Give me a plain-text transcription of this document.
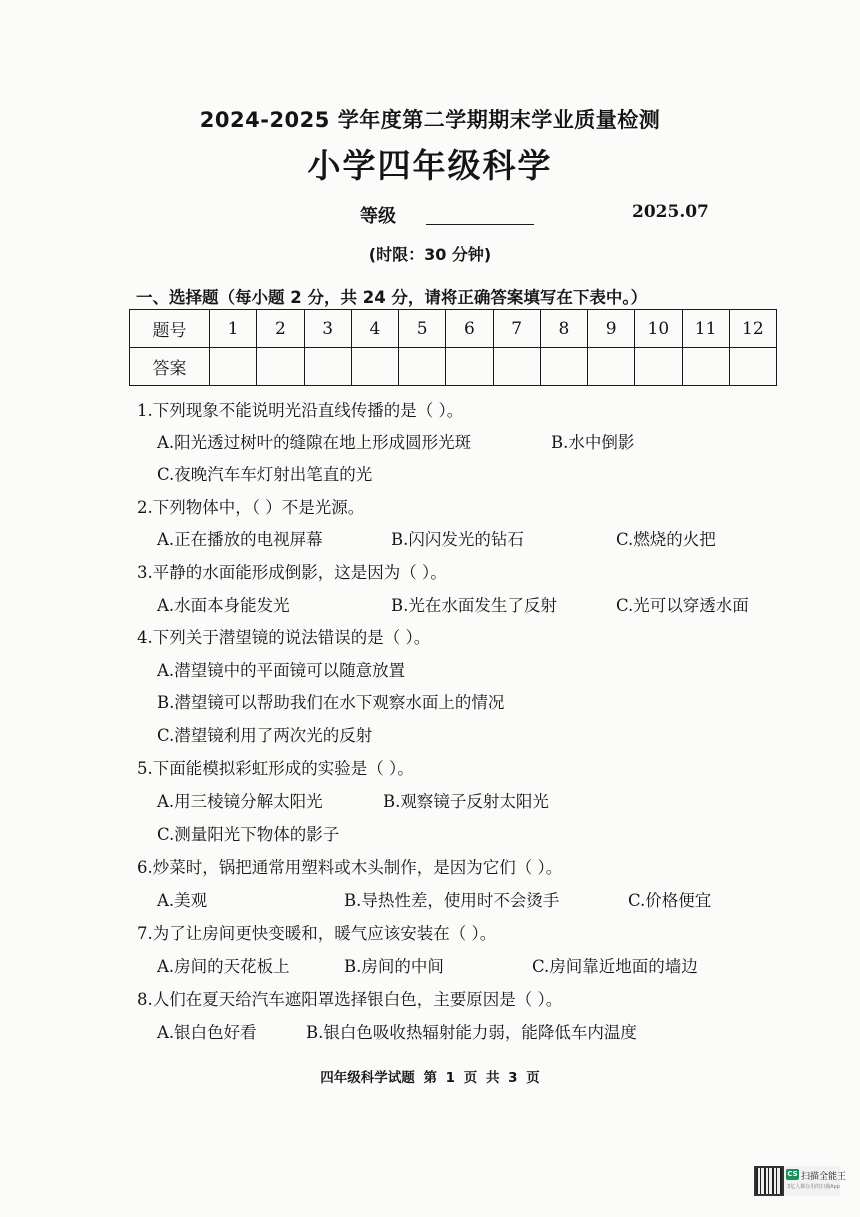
2024-2025 学年度第二学期期末学业质量检测
小学四年级科学
等级	2025.07
(时限：30 分钟)
一、选择题（每小题 2 分，共 24 分，请将正确答案填写在下表中。）
题号	1	2	3	4	5	6	7	8	9	10	11	12
答案												
1.下列现象不能说明光沿直线传播的是（ ）。
A.阳光透过树叶的缝隙在地上形成圆形光斑	B.水中倒影
C.夜晚汽车车灯射出笔直的光
2.下列物体中，（ ）不是光源。
A.正在播放的电视屏幕	B.闪闪发光的钻石	C.燃烧的火把
3.平静的水面能形成倒影，这是因为（ ）。
A.水面本身能发光	B.光在水面发生了反射	C.光可以穿透水面
4.下列关于潜望镜的说法错误的是（ ）。
A.潜望镜中的平面镜可以随意放置
B.潜望镜可以帮助我们在水下观察水面上的情况
C.潜望镜利用了两次光的反射
5.下面能模拟彩虹形成的实验是（ ）。
A.用三棱镜分解太阳光	B.观察镜子反射太阳光
C.测量阳光下物体的影子
6.炒菜时，锅把通常用塑料或木头制作，是因为它们（ ）。
A.美观	B.导热性差，使用时不会烫手	C.价格便宜
7.为了让房间更快变暖和，暖气应该安装在（ ）。
A.房间的天花板上	B.房间的中间	C.房间靠近地面的墙边
8.人们在夏天给汽车遮阳罩选择银白色，主要原因是（ ）。
A.银白色好看	B.银白色吸收热辐射能力弱，能降低车内温度
四年级科学试题 第 1 页 共 3 页
CS 扫描全能王
3亿人都在用的扫描App
